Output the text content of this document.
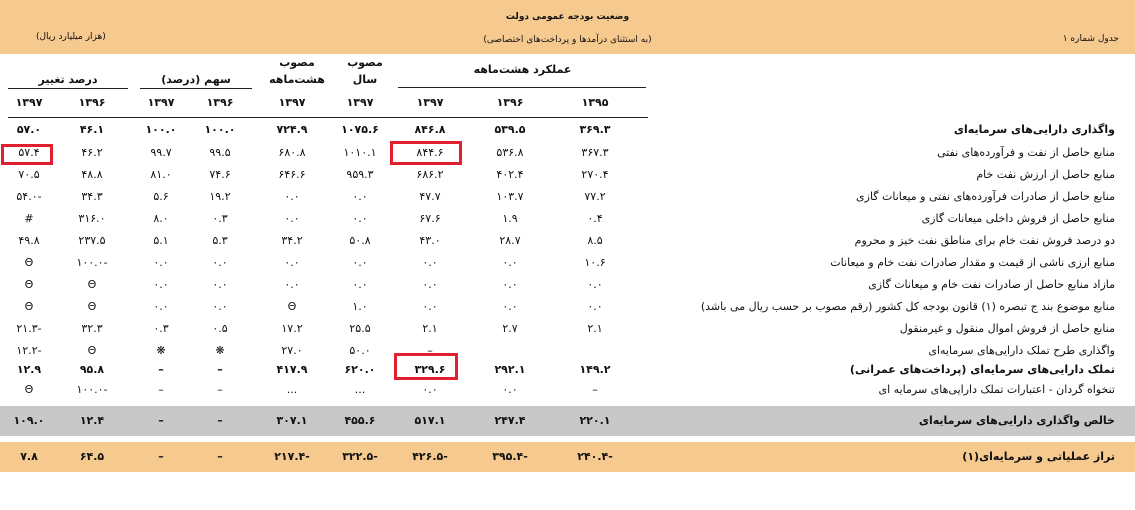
وضعیت بودجه عمومی دولت
(به استثنای درآمدها و پرداخت‌های اختصاصی)
(هزار میلیارد ریال)	جدول شماره ۱
عملکرد هشت‌ماهه
مصوب
سال
مصوب
هشت‌ماهه
سهم (درصد)
درصد تغییر
۱۳۹۵
۱۳۹۶
۱۳۹۷
۱۳۹۷
۱۳۹۷
۱۳۹۶
۱۳۹۷
۱۳۹۶
۱۳۹۷
واگذاری دارایی‌های سرمایه‌ای
۳۶۹.۳
۵۳۹.۵
۸۴۶.۸
۱۰۷۵.۶
۷۲۴.۹
۱۰۰.۰
۱۰۰.۰
۴۶.۱
۵۷.۰
منابع حاصل از نفت و فرآورده‌های نفتی
۳۶۷.۳
۵۳۶.۸
۸۴۴.۶
۱۰۱۰.۱
۶۸۰.۸
۹۹.۵
۹۹.۷
۴۶.۲
۵۷.۴
منابع حاصل از ارزش نفت خام
۲۷۰.۴
۴۰۲.۴
۶۸۶.۲
۹۵۹.۳
۶۴۶.۶
۷۴.۶
۸۱.۰
۴۸.۸
۷۰.۵
منابع حاصل از صادرات فرآورده‌های نفتی و میعانات گازی
۷۷.۲
۱۰۳.۷
۴۷.۷
۰.۰
۰.۰
۱۹.۲
۵.۶
۳۴.۳
-۵۴.۰
منابع حاصل از فروش داخلی میعانات گازی
۰.۴
۱.۹
۶۷.۶
۰.۰
۰.۰
۰.۳
۸.۰
۳۱۶.۰
#
دو درصد فروش نفت خام برای مناطق نفت خیز و محروم
۸.۵
۲۸.۷
۴۳.۰
۵۰.۸
۳۴.۲
۵.۳
۵.۱
۲۳۷.۵
۴۹.۸
منابع ارزی ناشی از قیمت و مقدار صادرات نفت خام و میعانات
۱۰.۶
۰.۰
۰.۰
۰.۰
۰.۰
۰.۰
۰.۰
-۱۰۰.۰
Θ
مازاد منابع حاصل از صادرات نفت خام و میعانات گازی
۰.۰
۰.۰
۰.۰
۰.۰
۰.۰
۰.۰
۰.۰
Θ
Θ
منابع موضوع بند ج تبصره (۱) قانون بودجه کل کشور (رقم مصوب بر حسب ریال می باشد)
۰.۰
۰.۰
۰.۰
۱.۰
Θ
۰.۰
۰.۰
Θ
Θ
منابع حاصل از فروش اموال منقول و غیرمنقول
۲.۱
۲.۷
۲.۱
۲۵.۵
۱۷.۲
۰.۵
۰.۳
۳۲.۳
-۲۱.۳
واگذاری طرح تملک دارایی‌های سرمایه‌ای
–
۵۰.۰
۲۷.۰
❋
❋
Θ
-۱۲.۲
تملک دارایی‌های سرمایه‌ای (پرداخت‌های عمرانی)
۱۴۹.۲
۲۹۲.۱
۳۲۹.۶
۶۲۰.۰
۴۱۷.۹
–
–
۹۵.۸
۱۲.۹
تنخواه گردان - اعتبارات تملک دارایی‌های سرمایه ای
–
۰.۰
۰.۰
...
...
–
–
-۱۰۰.۰
Θ
خالص واگذاری دارایی‌های سرمایه‌ای
۲۲۰.۱
۲۴۷.۴
۵۱۷.۱
۴۵۵.۶
۳۰۷.۱
–
–
۱۲.۴
۱۰۹.۰
تراز عملیاتی و سرمایه‌ای(۱)
-۲۴۰.۴
-۳۹۵.۴
-۴۲۶.۵
-۳۲۲.۵
-۲۱۷.۴
–
–
۶۴.۵
۷.۸
